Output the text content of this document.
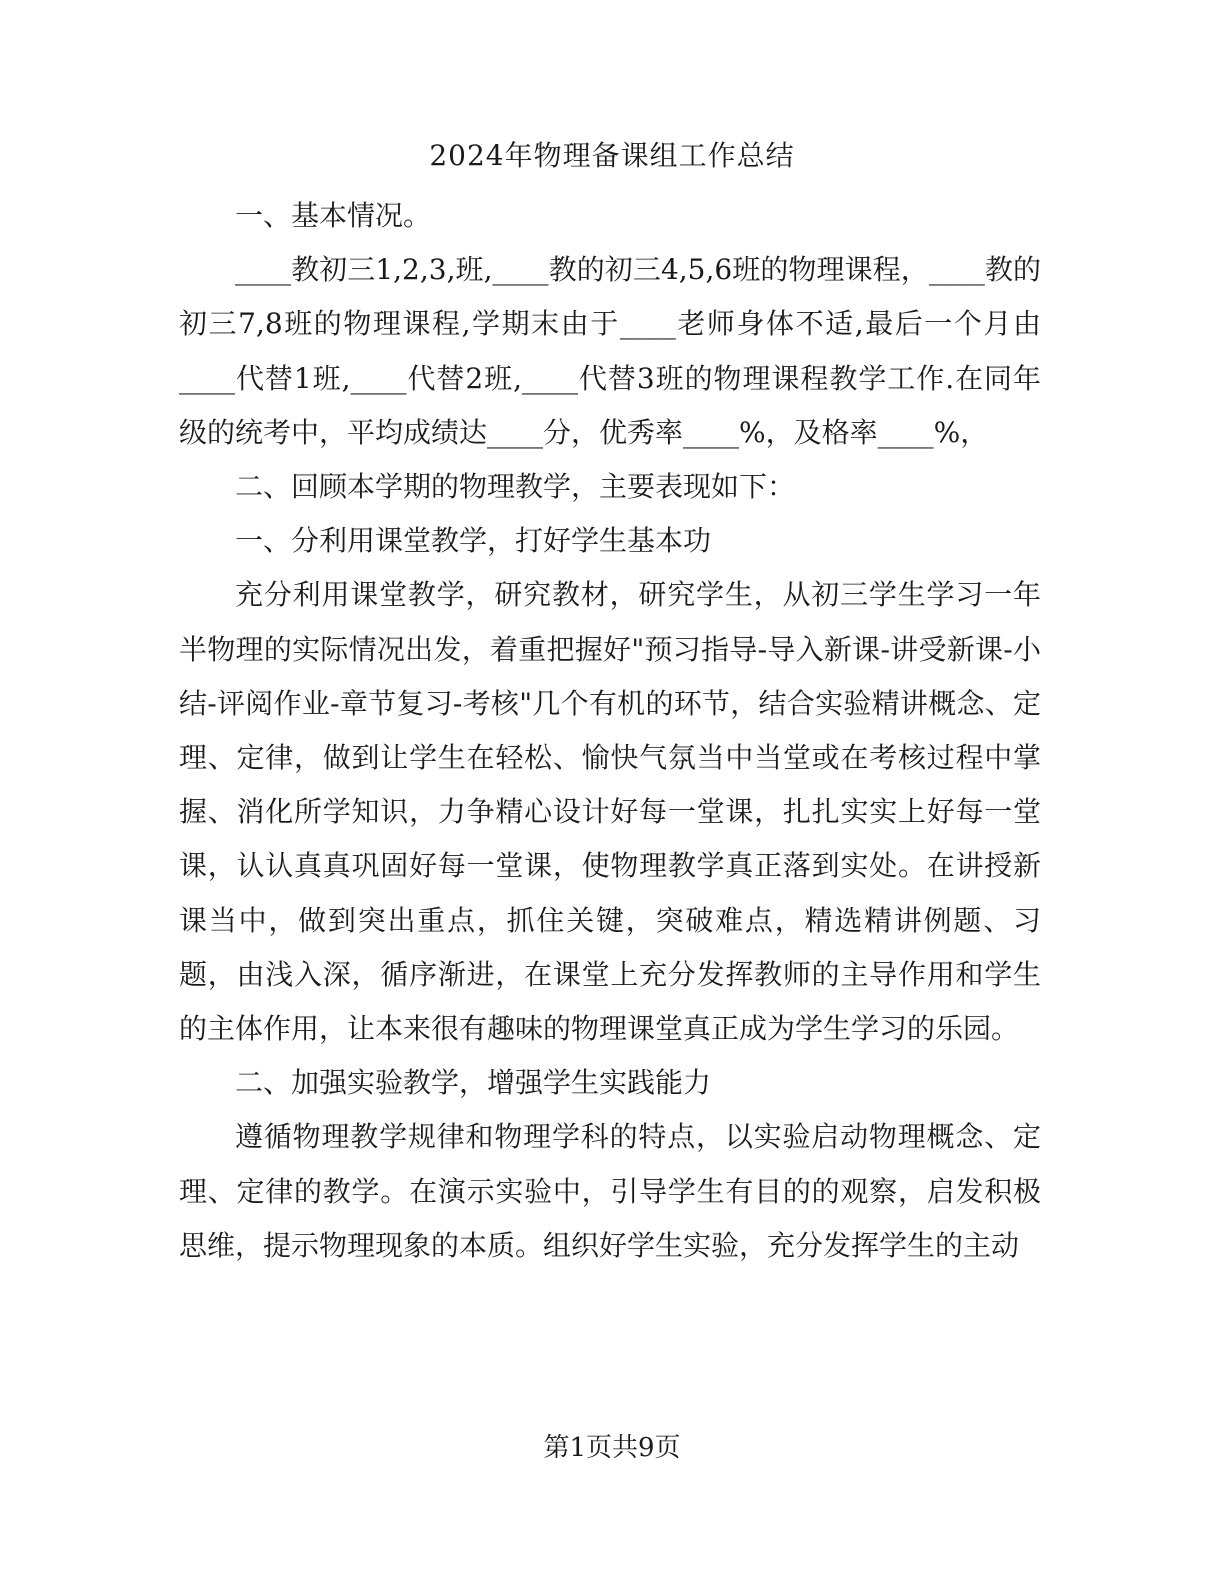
2024年物理备课组工作总结

一、基本情况。

____教初三1,2,3,班,____教的初三4,5,6班的物理课程，____教的初三7,8班的物理课程,学期末由于____老师身体不适,最后一个月由____代替1班,____代替2班,____代替3班的物理课程教学工作.在同年级的统考中，平均成绩达____分，优秀率____%，及格率____%，

二、回顾本学期的物理教学，主要表现如下：

一、分利用课堂教学，打好学生基本功

充分利用课堂教学，研究教材，研究学生，从初三学生学习一年半物理的实际情况出发，着重把握好"预习指导-导入新课-讲受新课-小结-评阅作业-章节复习-考核"几个有机的环节，结合实验精讲概念、定理、定律，做到让学生在轻松、愉快气氛当中当堂或在考核过程中掌握、消化所学知识，力争精心设计好每一堂课，扎扎实实上好每一堂课，认认真真巩固好每一堂课，使物理教学真正落到实处。在讲授新课当中，做到突出重点，抓住关键，突破难点，精选精讲例题、习题，由浅入深，循序渐进，在课堂上充分发挥教师的主导作用和学生的主体作用，让本来很有趣味的物理课堂真正成为学生学习的乐园。

二、加强实验教学，增强学生实践能力

遵循物理教学规律和物理学科的特点，以实验启动物理概念、定理、定律的教学。在演示实验中，引导学生有目的的观察，启发积极思维，提示物理现象的本质。组织好学生实验，充分发挥学生的主动

第1页共9页
